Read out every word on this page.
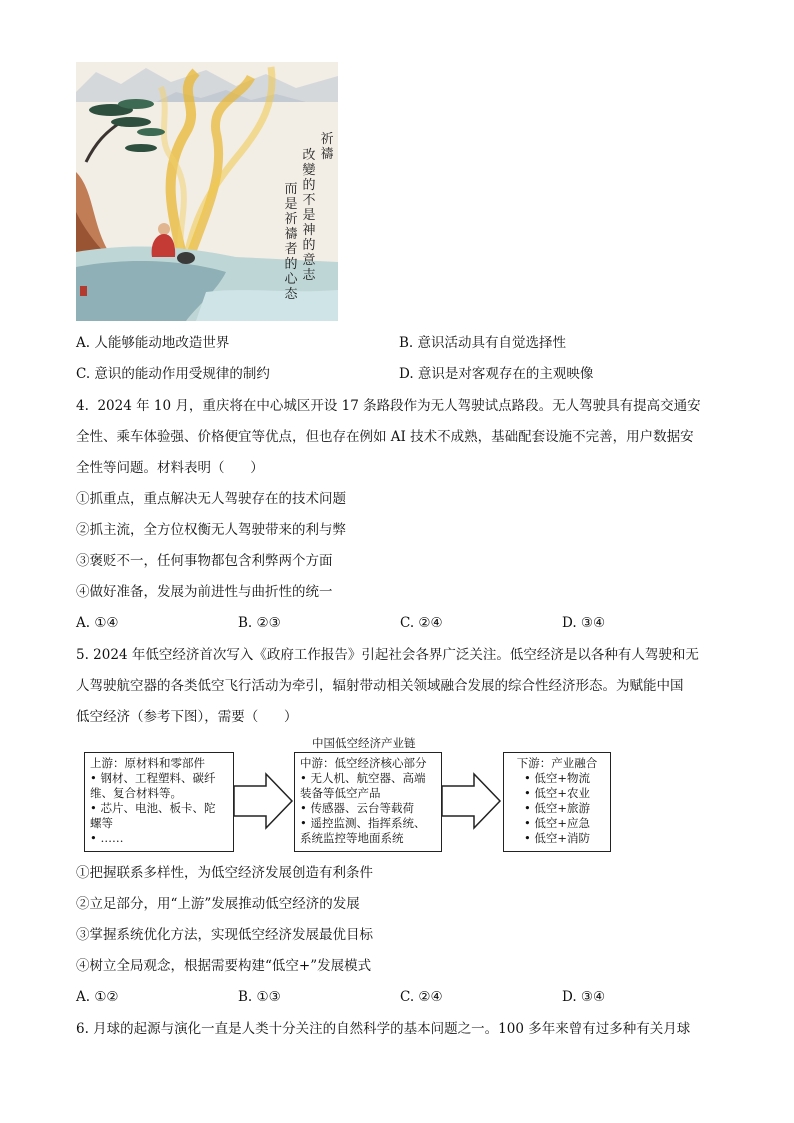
祈
禱
改
變
的
不
是
神
的
意
志
而
是
祈
禱
者
的
心
态
A. 人能够能动地改造世界	B. 意识活动具有自觉选择性
C. 意识的能动作用受规律的制约	D. 意识是对客观存在的主观映像
4.  2024 年 10 月，重庆将在中心城区开设 17 条路段作为无人驾驶试点路段。无人驾驶具有提高交通安
全性、乘车体验强、价格便宜等优点，但也存在例如 AI 技术不成熟，基础配套设施不完善，用户数据安
全性等问题。材料表明（      ）
①抓重点，重点解决无人驾驶存在的技术问题
②抓主流，全方位权衡无人驾驶带来的利与弊
③褒贬不一，任何事物都包含利弊两个方面
④做好准备，发展为前进性与曲折性的统一
A. ①④	B. ②③	C. ②④	D. ③④
5. 2024 年低空经济首次写入《政府工作报告》引起社会各界广泛关注。低空经济是以各种有人驾驶和无
人驾驶航空器的各类低空飞行活动为牵引，辐射带动相关领域融合发展的综合性经济形态。为赋能中国
低空经济（参考下图），需要（      ）
中国低空经济产业链
上游：原材料和零部件
• 钢材、工程塑料、碳纤
维、复合材料等。
• 芯片、电池、板卡、陀
螺等
• ……
中游：低空经济核心部分
• 无人机、航空器、高端
装备等低空产品
• 传感器、云台等载荷
• 遥控监测、指挥系统、
系统监控等地面系统
下游：产业融合
• 低空+物流
• 低空+农业
• 低空+旅游
• 低空+应急
• 低空+消防
①把握联系多样性，为低空经济发展创造有利条件
②立足部分，用“上游”发展推动低空经济的发展
③掌握系统优化方法，实现低空经济发展最优目标
④树立全局观念，根据需要构建“低空+”发展模式
A. ①②	B. ①③	C. ②④	D. ③④
6. 月球的起源与演化一直是人类十分关注的自然科学的基本问题之一。100 多年来曾有过多种有关月球
